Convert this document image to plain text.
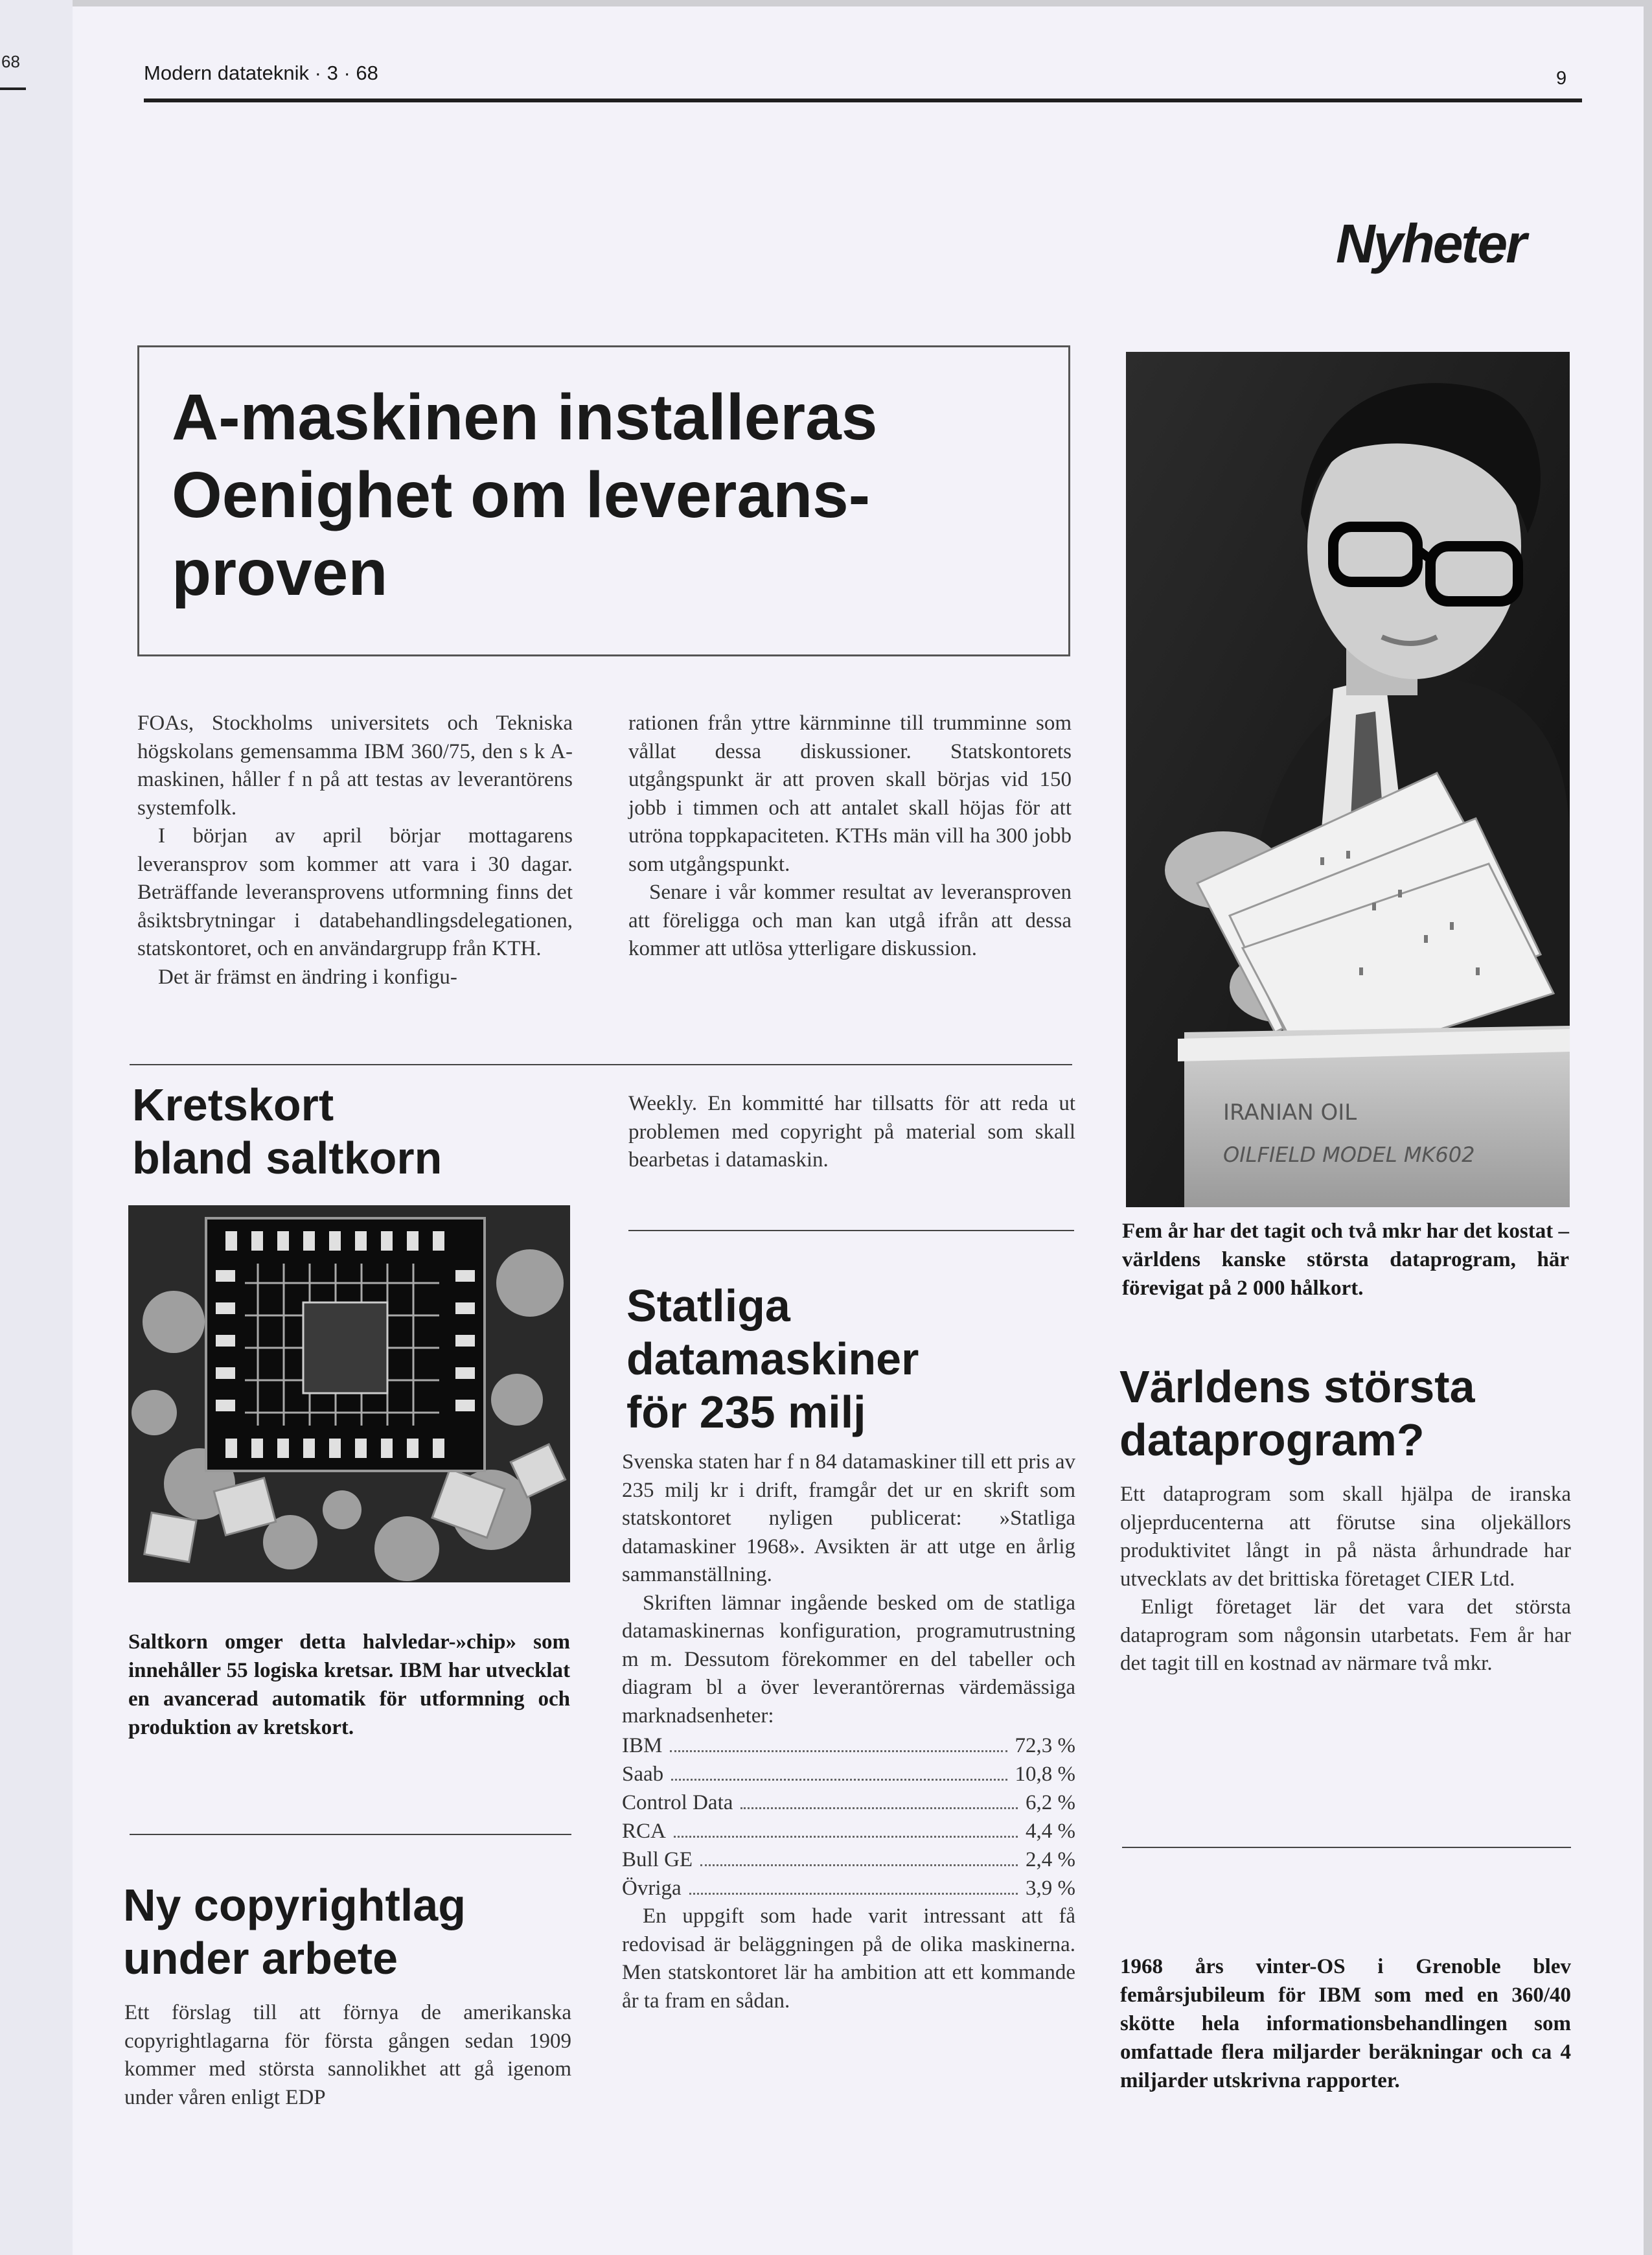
68	Modern datateknik · 3 · 68	9
Nyheter
A-maskinen installeras
Oenighet om leverans-
proven

FOAs, Stockholms universitets och Tekniska högskolans gemensamma IBM 360/75, den s k A-maskinen, håller f n på att testas av leverantörens systemfolk.

I början av april börjar mottagarens leveransprov som kommer att vara i 30 dagar. Beträffande leveransprovens utformning finns det åsiktsbrytningar i databehandlingsdelegationen, statskontoret, och en användargrupp från KTH.

Det är främst en ändring i konfigu-

rationen från yttre kärnminne till trumminne som vållat dessa diskussioner. Statskontorets utgångspunkt är att proven skall börjas vid 150 jobb i timmen och att antalet skall höjas för att utröna toppkapaciteten. KTHs män vill ha 300 jobb som utgångspunkt.

Senare i vår kommer resultat av leveransproven att föreligga och man kan utgå ifrån att dessa kommer att utlösa ytterligare diskussion.

IRANIAN OIL
OILFIELD MODEL MK602
Fem år har det tagit och två mkr har det kostat – världens kanske största dataprogram, här förevigat på 2 000 hålkort.
Kretskort
bland saltkorn
Saltkorn omger detta halvledar-»chip» som innehåller 55 logiska kretsar. IBM har utvecklat en avancerad automatik för utformning och produktion av kretskort.
Ny copyrightlag
under arbete

Ett förslag till att förnya de amerikanska copyrightlagarna för första gången sedan 1909 kommer med största sannolikhet att gå igenom under våren enligt EDP

Weekly. En kommitté har tillsatts för att reda ut problemen med copyright på material som skall bearbetas i datamaskin.

Statliga
datamaskiner
för 235 milj

Svenska staten har f n 84 datamaskiner till ett pris av 235 milj kr i drift, framgår det ur en skrift som statskontoret nyligen publicerat: »Statliga datamaskiner 1968». Avsikten är att utge en årlig sammanställning.

Skriften lämnar ingående besked om de statliga datamaskinernas konfiguration, programutrustning m m. Dessutom förekommer en del tabeller och diagram bl a över leverantörernas värdemässiga marknadsenheter:

IBM	72,3 %
Saab	10,8 %
Control Data	6,2 %
RCA	4,4 %
Bull GE	2,4 %
Övriga	3,9 %

En uppgift som hade varit intressant att få redovisad är beläggningen på de olika maskinerna. Men statskontoret lär ha ambition att ett kommande år ta fram en sådan.

Världens största
dataprogram?

Ett dataprogram som skall hjälpa de iranska oljeprducenterna att förutse sina oljekällors produktivitet långt in på nästa århundrade har utvecklats av det brittiska företaget CIER Ltd.

Enligt företaget lär det vara det största dataprogram som någonsin utarbetats. Fem år har det tagit till en kostnad av närmare två mkr.

1968 års vinter-OS i Grenoble blev femårsjubileum för IBM som med en 360/40 skötte hela informationsbehandlingen som omfattade flera miljarder beräkningar och ca 4 miljarder utskrivna rapporter.
